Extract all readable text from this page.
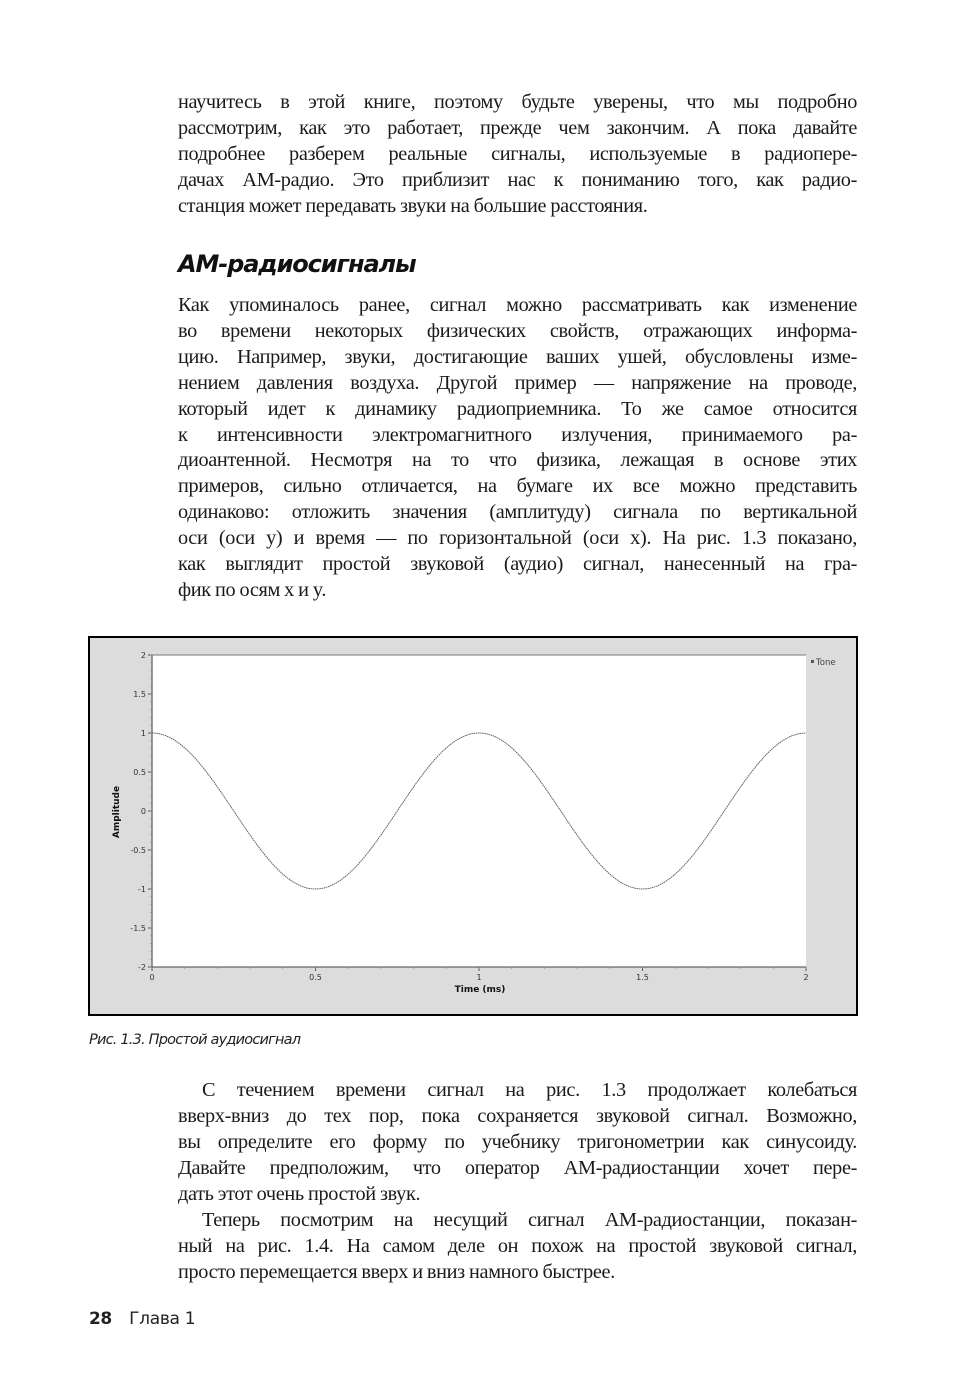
научитесь в этой книге, поэтому будьте уверены, что мы подробно
рассмотрим, как это работает, прежде чем закончим. А пока давайте
подробнее разберем реальные сигналы, используемые в радиопере-
дачах АМ-радио. Это приблизит нас к пониманию того, как радио-
станция может передавать звуки на большие расстояния.
АМ-радиосигналы
Как упоминалось ранее, сигнал можно рассматривать как изменение
во времени некоторых физических свойств, отражающих информа-
цию. Например, звуки, достигающие ваших ушей, обусловлены изме-
нением давления воздуха. Другой пример — напряжение на проводе,
который идет к динамику радиоприемника. То же самое относится
к интенсивности электромагнитного излучения, принимаемого ра-
диоантенной. Несмотря на то что физика, лежащая в основе этих
примеров, сильно отличается, на бумаге их все можно представить
одинаково: отложить значения (амплитуду) сигнала по вертикальной
оси (оси y) и время — по горизонтальной (оси x). На рис. 1.3 показано,
как выглядит простой звуковой (аудио) сигнал, нанесенный на гра-
фик по осям x и y.
-2
-1.5
-1
-0.5
0
0.5
1
1.5
2
0	0.5	1	1.5	2
Amplitude
Time (ms)
Tone
Рис. 1.3. Простой аудиосигнал
С течением времени сигнал на рис. 1.3 продолжает колебаться
вверх-вниз до тех пор, пока сохраняется звуковой сигнал. Возможно,
вы определите его форму по учебнику тригонометрии как синусоиду.
Давайте предположим, что оператор АМ-радиостанции хочет пере-
дать этот очень простой звук.
Теперь посмотрим на несущий сигнал АМ-радиостанции, показан-
ный на рис. 1.4. На самом деле он похож на простой звуковой сигнал,
просто перемещается вверх и вниз намного быстрее.
28 Глава 1
